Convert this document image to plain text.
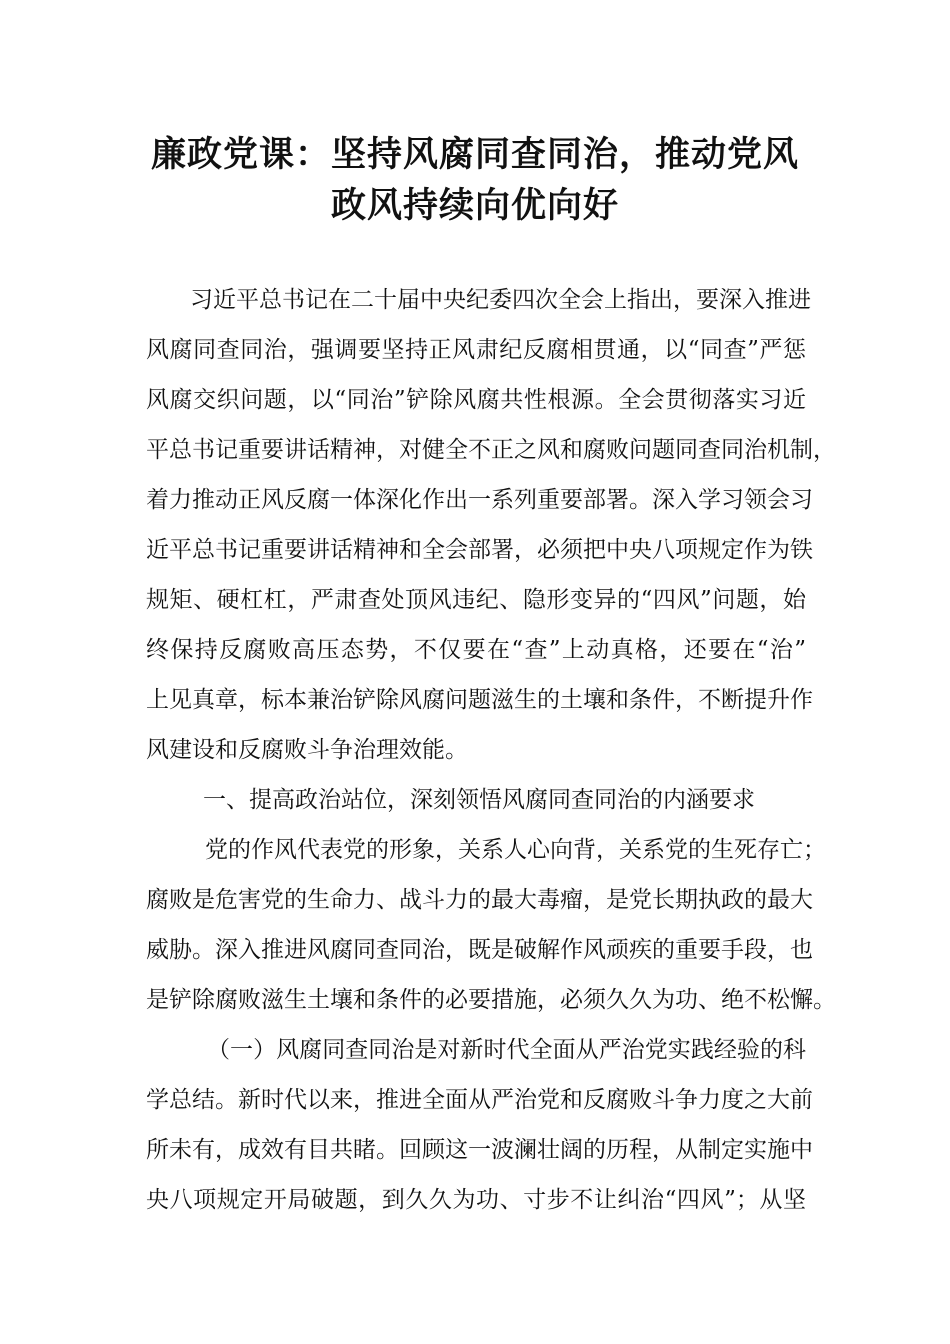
廉政党课：坚持风腐同查同治，推动党风
政风持续向优向好
习近平总书记在二十届中央纪委四次全会上指出，要深入推进
风腐同查同治，强调要坚持正风肃纪反腐相贯通，以“同查”严惩
风腐交织问题，以“同治”铲除风腐共性根源。全会贯彻落实习近
平总书记重要讲话精神，对健全不正之风和腐败问题同查同治机制，
着力推动正风反腐一体深化作出一系列重要部署。深入学习领会习
近平总书记重要讲话精神和全会部署，必须把中央八项规定作为铁
规矩、硬杠杠，严肃查处顶风违纪、隐形变异的“四风”问题，始
终保持反腐败高压态势，不仅要在“查”上动真格，还要在“治”
上见真章，标本兼治铲除风腐问题滋生的土壤和条件，不断提升作
风建设和反腐败斗争治理效能。
一、提高政治站位，深刻领悟风腐同查同治的内涵要求
党的作风代表党的形象，关系人心向背，关系党的生死存亡；
腐败是危害党的生命力、战斗力的最大毒瘤，是党长期执政的最大
威胁。深入推进风腐同查同治，既是破解作风顽疾的重要手段，也
是铲除腐败滋生土壤和条件的必要措施，必须久久为功、绝不松懈。
（一）风腐同查同治是对新时代全面从严治党实践经验的科
学总结。新时代以来，推进全面从严治党和反腐败斗争力度之大前
所未有，成效有目共睹。回顾这一波澜壮阔的历程，从制定实施中
央八项规定开局破题，到久久为功、寸步不让纠治“四风”；从坚
